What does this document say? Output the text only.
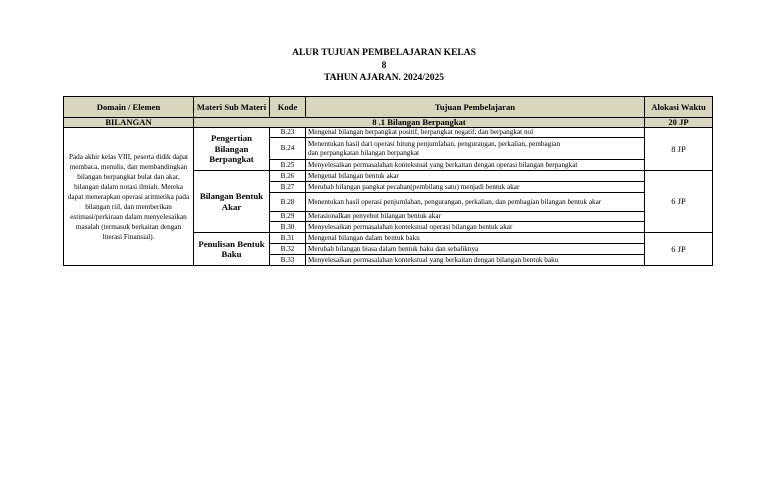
ALUR TUJUAN PEMBELAJARAN KELAS
8
TAHUN AJARAN. 2024/2025
Domain / Elemen	Materi Sub Materi	Kode	Tujuan Pembelajaran	Alokasi Waktu
BILANGAN	8 .1 Bilangan Berpangkat			20 JP
Pada akhir kelas VIII, peserta didik dapat membaca, menulis, dan membandingkan bilangan berpangkat bulat dan akar, bilangan dalam notasi ilmiah. Mereka dapat menerapkan operasi aritmetika pada bilangan riil, dan memberikan estimasi/perkiraan dalam menyelesaikan masalah (termasuk berkaitan dengan literasi Finansial).	Pengertian Bilangan Berpangkat	B.23	Mengenal bilangan berpangkat positif, berpangkat negatif, dan berpangkat nol	8 JP
		B.24	Menentukan hasil dari operasi hitung penjumlahan, pengurangan, perkalian, pembagian
dan perpangkatan bilangan berpangkat	

		B.25	Menyelesaikan permasalahan kontekstual yang berkaitan dengan operasi bilangan berpangkat	
	Bilangan Bentuk Akar	B.26	Mengenal bilangan bentuk akar	6 JP
		B.27	Merubah bilangan pangkat pecahan(pembilang satu) menjadi bentuk akar	
		B.28	Menentukan hasil operasi penjumlahan, pengurangan, perkalian, dan pembagian bilangan bentuk akar	
		B.29	Merasionalkan penyebut bilangan bentuk akar	
		B.30	Menyelesaikan permasalahan kontekstual operasi bilangan bentuk akar	
	Penulisan Bentuk Baku	B.31	Mengenal bilangan dalam bentuk baku	6 JP
		B.32	Merubah bilangan biasa dalam bentuk baku dan sebaliknya	
		B.33	Menyelesaikan permasalahan kontekstual yang berkaitan dengan bilangan bentuk baku	
